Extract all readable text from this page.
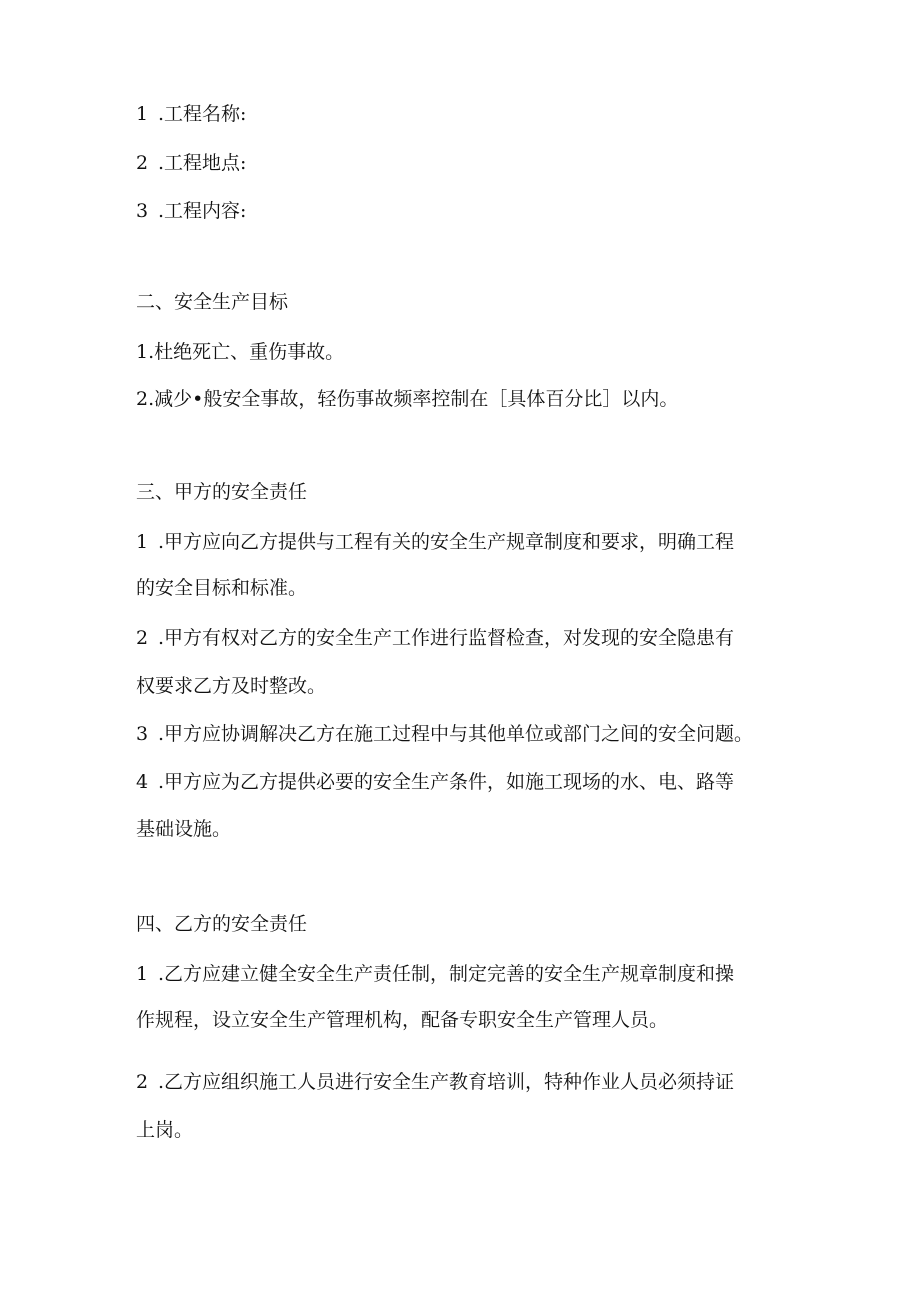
1 .工程名称:
2 .工程地点:
3 .工程内容:
二、安全生产目标
1.杜绝死亡、重伤事故。
2.减少•般安全事故，轻伤事故频率控制在［具体百分比］以内。
三、甲方的安全责任
1 .甲方应向乙方提供与工程有关的安全生产规章制度和要求，明确工程
的安全目标和标准。
2 .甲方有权对乙方的安全生产工作进行监督检查，对发现的安全隐患有
权要求乙方及时整改。
3 .甲方应协调解决乙方在施工过程中与其他单位或部门之间的安全问题。
4 .甲方应为乙方提供必要的安全生产条件，如施工现场的水、电、路等
基础设施。
四、乙方的安全责任
1 .乙方应建立健全安全生产责任制，制定完善的安全生产规章制度和操
作规程，设立安全生产管理机构，配备专职安全生产管理人员。
2 .乙方应组织施工人员进行安全生产教育培训，特种作业人员必须持证
上岗。
